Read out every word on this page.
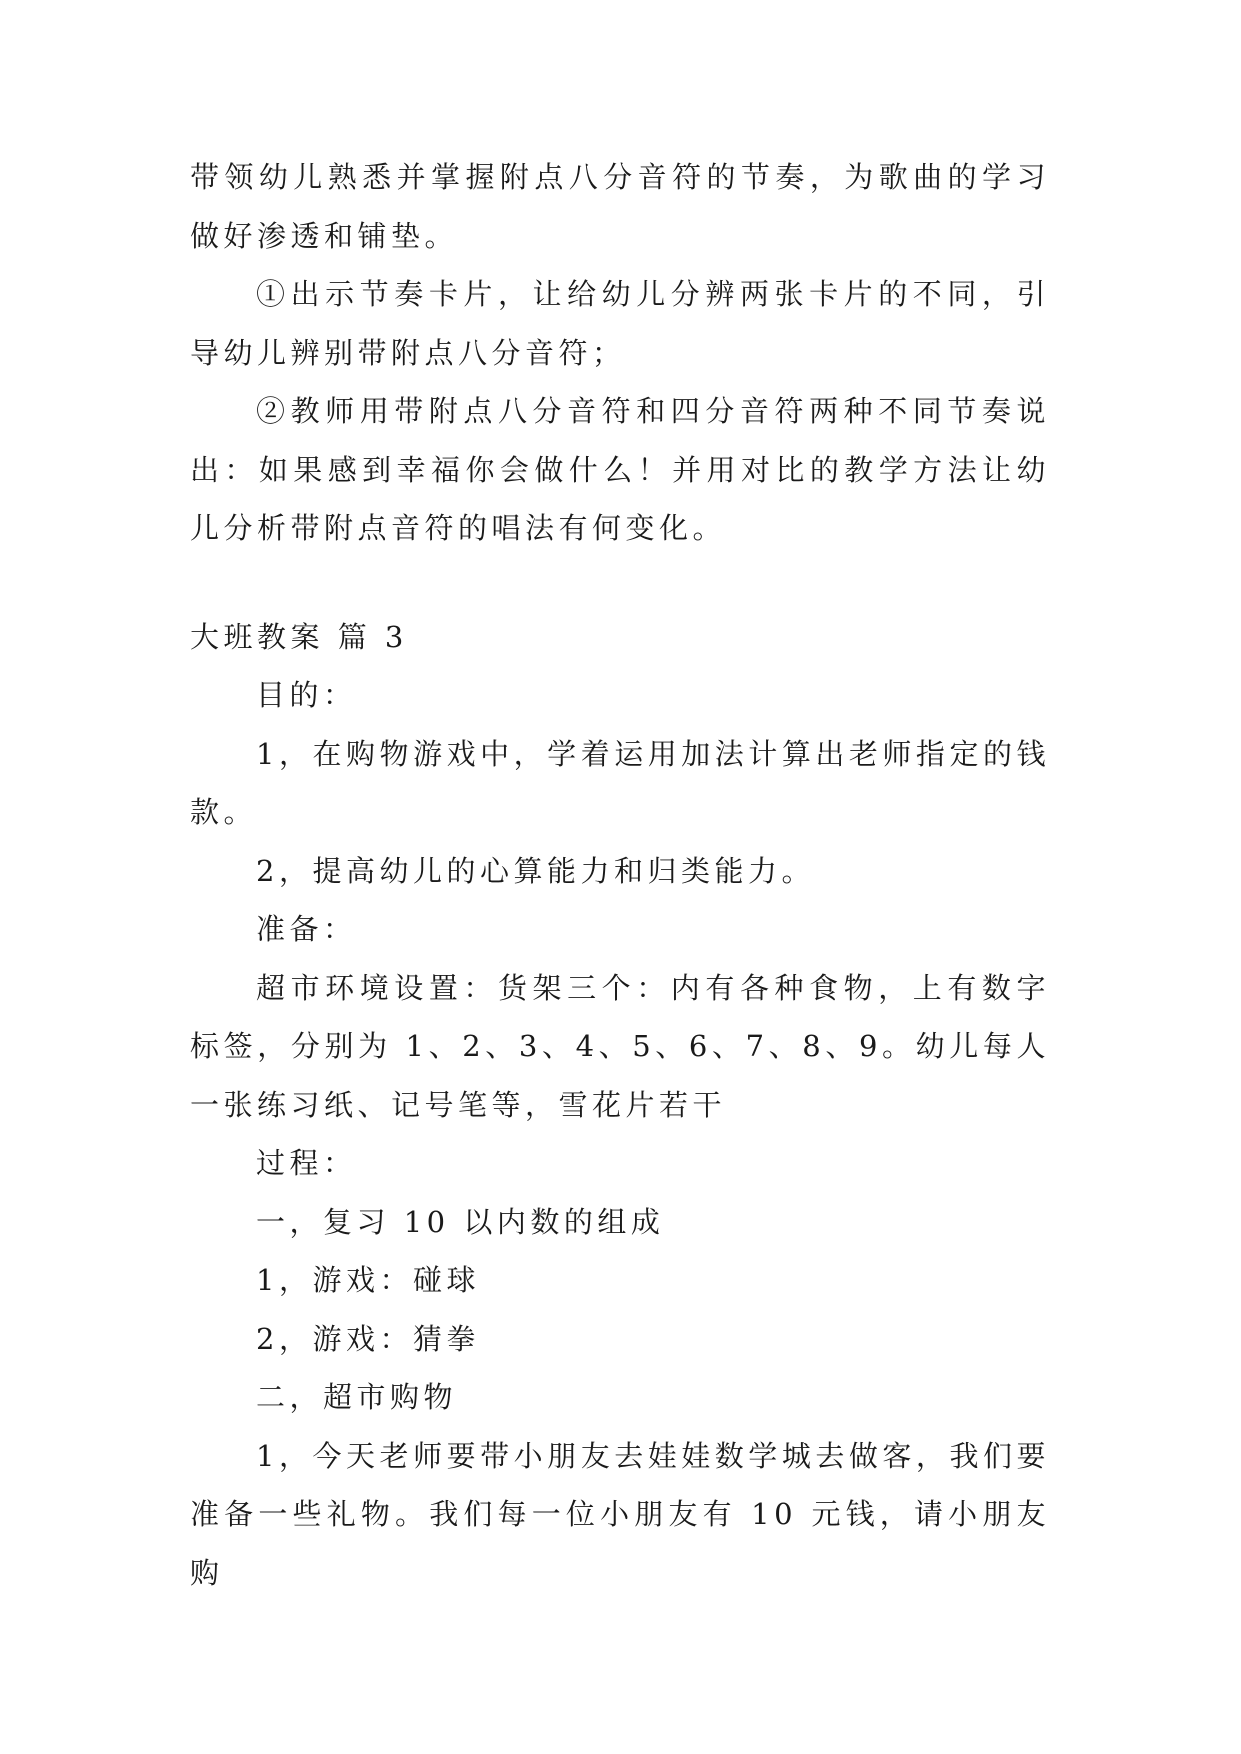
带领幼儿熟悉并掌握附点八分音符的节奏，为歌曲的学习做好渗透和铺垫。

①出示节奏卡片，让给幼儿分辨两张卡片的不同，引导幼儿辨别带附点八分音符；

②教师用带附点八分音符和四分音符两种不同节奏说出：如果感到幸福你会做什么！并用对比的教学方法让幼儿分析带附点音符的唱法有何变化。

大班教案 篇 3

目的：

1，在购物游戏中，学着运用加法计算出老师指定的钱款。

2，提高幼儿的心算能力和归类能力。

准备：

超市环境设置：货架三个：内有各种食物，上有数字标签，分别为 1、2、3、4、5、6、7、8、9。幼儿每人一张练习纸、记号笔等，雪花片若干

过程：

一，复习 10 以内数的组成

1，游戏：碰球

2，游戏：猜拳

二，超市购物

1，今天老师要带小朋友去娃娃数学城去做客，我们要准备一些礼物。我们每一位小朋友有 10 元钱，请小朋友购
